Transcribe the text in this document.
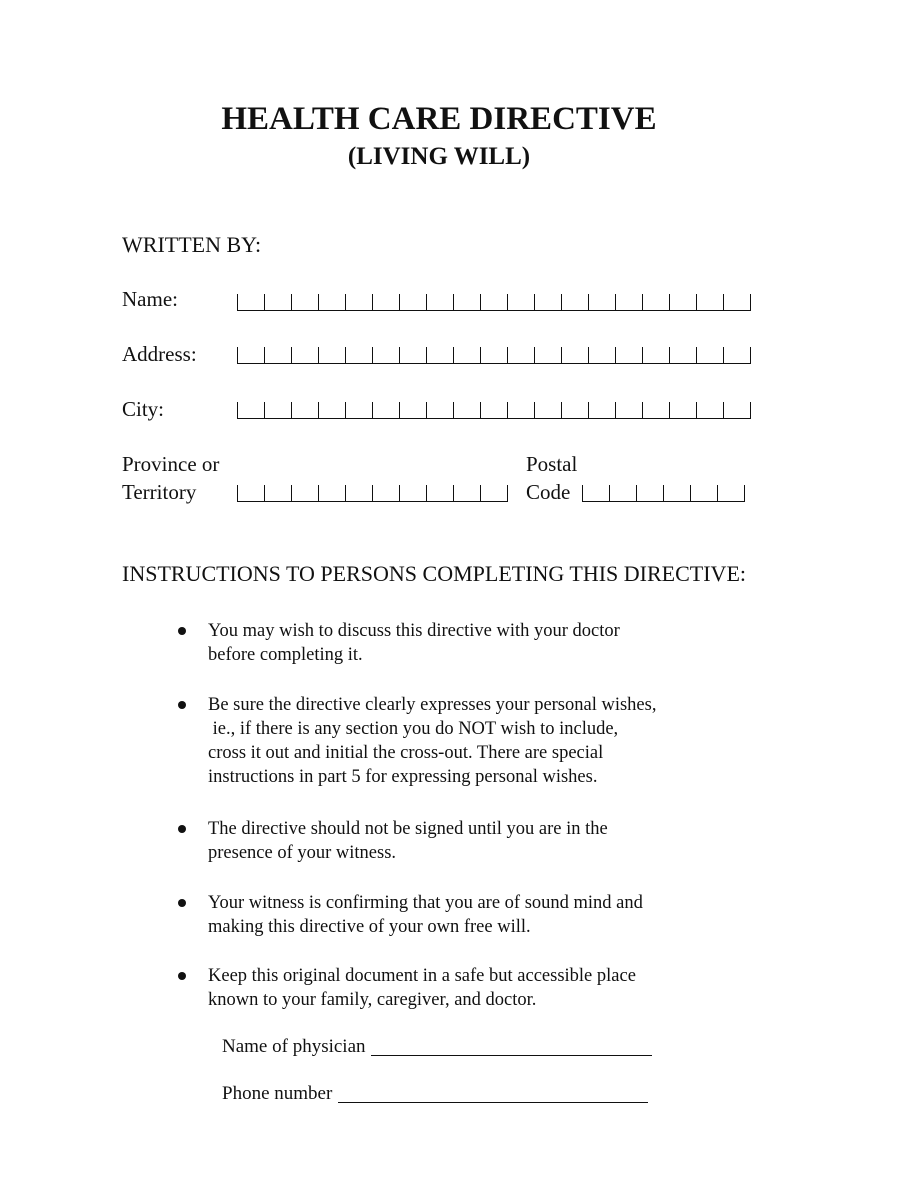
HEALTH CARE DIRECTIVE
(LIVING WILL)
WRITTEN BY:
Name:
Address:
City:
Province or
Territory
Postal
Code
INSTRUCTIONS TO PERSONS COMPLETING THIS DIRECTIVE:
You may wish to discuss this directive with your doctor
before completing it.
Be sure the directive clearly expresses your personal wishes,
ie., if there is any section you do NOT wish to include,
cross it out and initial the cross-out. There are special
instructions in part 5 for expressing personal wishes.
The directive should not be signed until you are in the
presence of your witness.
Your witness is confirming that you are of sound mind and
making this directive of your own free will.
Keep this original document in a safe but accessible place
known to your family, caregiver, and doctor.
Name of physician
Phone number
